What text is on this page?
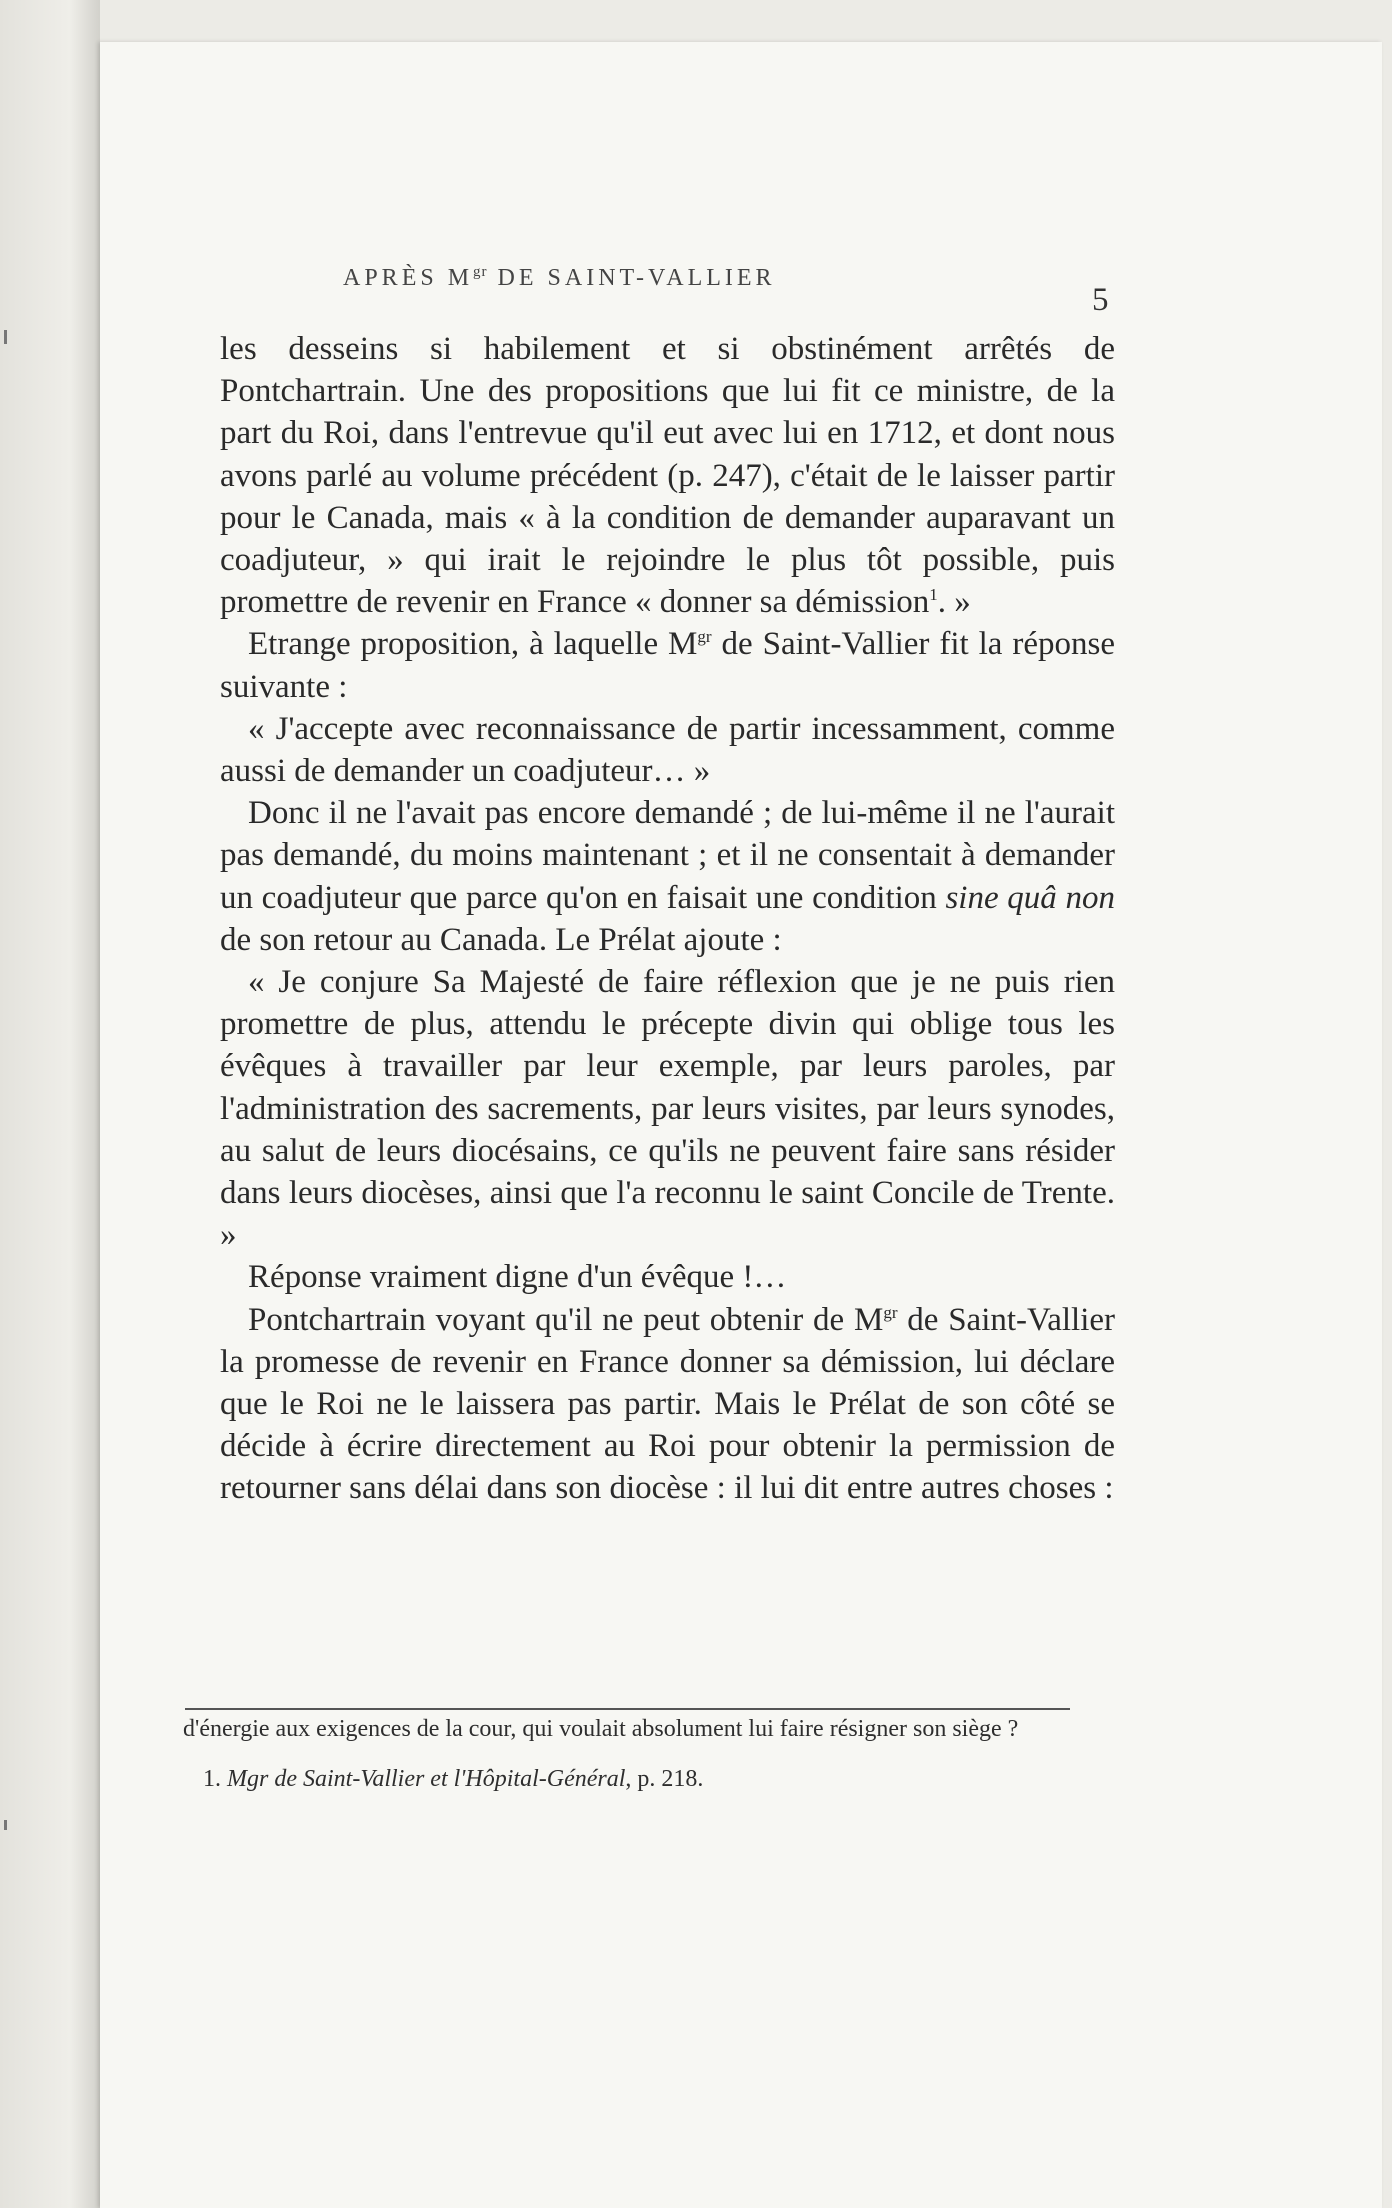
APRÈS $M^{gr}$ DE SAINT-VALLIER
5

les desseins si habilement et si obstinément arrêtés de Pontchartrain. Une des propositions que lui fit ce ministre, de la part du Roi, dans l'entrevue qu'il eut avec lui en 1712, et dont nous avons parlé au volume précédent (p. 247), c'était de le laisser partir pour le Canada, mais « à la condition de demander auparavant un coadjuteur, » qui irait le rejoindre le plus tôt possible, puis promettre de revenir en France « donner sa démission$^1$. »

Etrange proposition, à laquelle $M^{gr}$ de Saint-Vallier fit la réponse suivante :

« J'accepte avec reconnaissance de partir incessamment, comme aussi de demander un coadjuteur… »

Donc il ne l'avait pas encore demandé ; de lui-même il ne l'aurait pas demandé, du moins maintenant ; et il ne consentait à demander un coadjuteur que parce qu'on en faisait une condition sine quâ non de son retour au Canada. Le Prélat ajoute :

« Je conjure Sa Majesté de faire réflexion que je ne puis rien promettre de plus, attendu le précepte divin qui oblige tous les évêques à travailler par leur exemple, par leurs paroles, par l'administration des sacrements, par leurs visites, par leurs synodes, au salut de leurs diocésains, ce qu'ils ne peuvent faire sans résider dans leurs diocèses, ainsi que l'a reconnu le saint Concile de Trente. »

Réponse vraiment digne d'un évêque !…

Pontchartrain voyant qu'il ne peut obtenir de $M^{gr}$ de Saint-Vallier la promesse de revenir en France donner sa démission, lui déclare que le Roi ne le laissera pas partir. Mais le Prélat de son côté se décide à écrire directement au Roi pour obtenir la permission de retourner sans délai dans son diocèse : il lui dit entre autres choses :

d'énergie aux exigences de la cour, qui voulait absolument lui faire résigner son siège ?

1. Mgr de Saint-Vallier et l'Hôpital-Général, p. 218.
